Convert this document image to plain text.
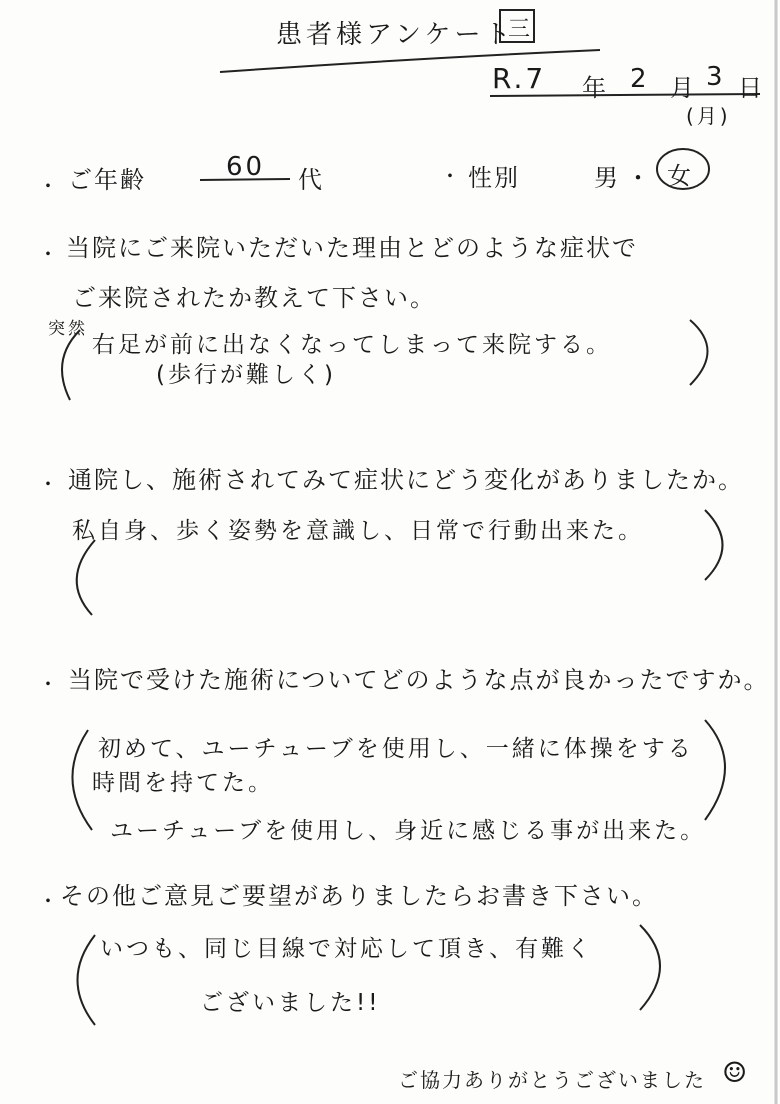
患者様アンケート
三
R.7 年 2 月 3 日
(月)
・ ご年齢	60 代	・ 性別	男 ・ 女
・ 当院にご来院いただいた理由とどのような症状で
ご来院されたか教えて下さい。
突然
右足が前に出なくなってしまって来院する。
(歩行が難しく)
・ 通院し、施術されてみて症状にどう変化がありましたか。
私自身、歩く姿勢を意識し、日常で行動出来た。
・ 当院で受けた施術についてどのような点が良かったですか。
初めて、ユーチューブを使用し、一緒に体操をする
時間を持てた。
ユーチューブを使用し、身近に感じる事が出来た。
・ その他ご意見ご要望がありましたらお書き下さい。
いつも、同じ目線で対応して頂き、有難く
ございました!!
ご協力ありがとうございました ☺
